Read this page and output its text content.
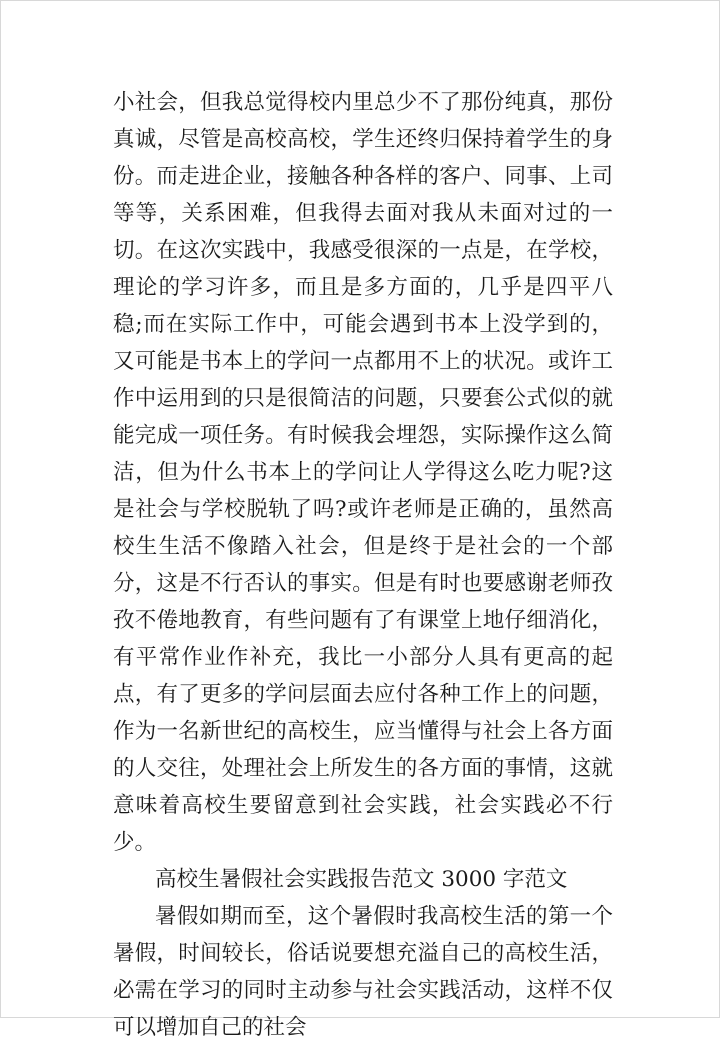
小社会，但我总觉得校内里总少不了那份纯真，那份真诚，尽管是高校高校，学生还终归保持着学生的身份。而走进企业，接触各种各样的客户、同事、上司等等，关系困难，但我得去面对我从未面对过的一切。在这次实践中，我感受很深的一点是，在学校，理论的学习许多，而且是多方面的，几乎是四平八稳;而在实际工作中，可能会遇到书本上没学到的，又可能是书本上的学问一点都用不上的状况。或许工作中运用到的只是很简洁的问题，只要套公式似的就能完成一项任务。有时候我会埋怨，实际操作这么简洁，但为什么书本上的学问让人学得这么吃力呢?这是社会与学校脱轨了吗?或许老师是正确的，虽然高校生生活不像踏入社会，但是终于是社会的一个部分，这是不行否认的事实。但是有时也要感谢老师孜孜不倦地教育，有些问题有了有课堂上地仔细消化，有平常作业作补充，我比一小部分人具有更高的起点，有了更多的学问层面去应付各种工作上的问题，作为一名新世纪的高校生，应当懂得与社会上各方面的人交往，处理社会上所发生的各方面的事情，这就意味着高校生要留意到社会实践，社会实践必不行少。

高校生暑假社会实践报告范文 3000 字范文

暑假如期而至，这个暑假时我高校生活的第一个暑假，时间较长，俗话说要想充溢自己的高校生活，必需在学习的同时主动参与社会实践活动，这样不仅可以增加自己的社会
